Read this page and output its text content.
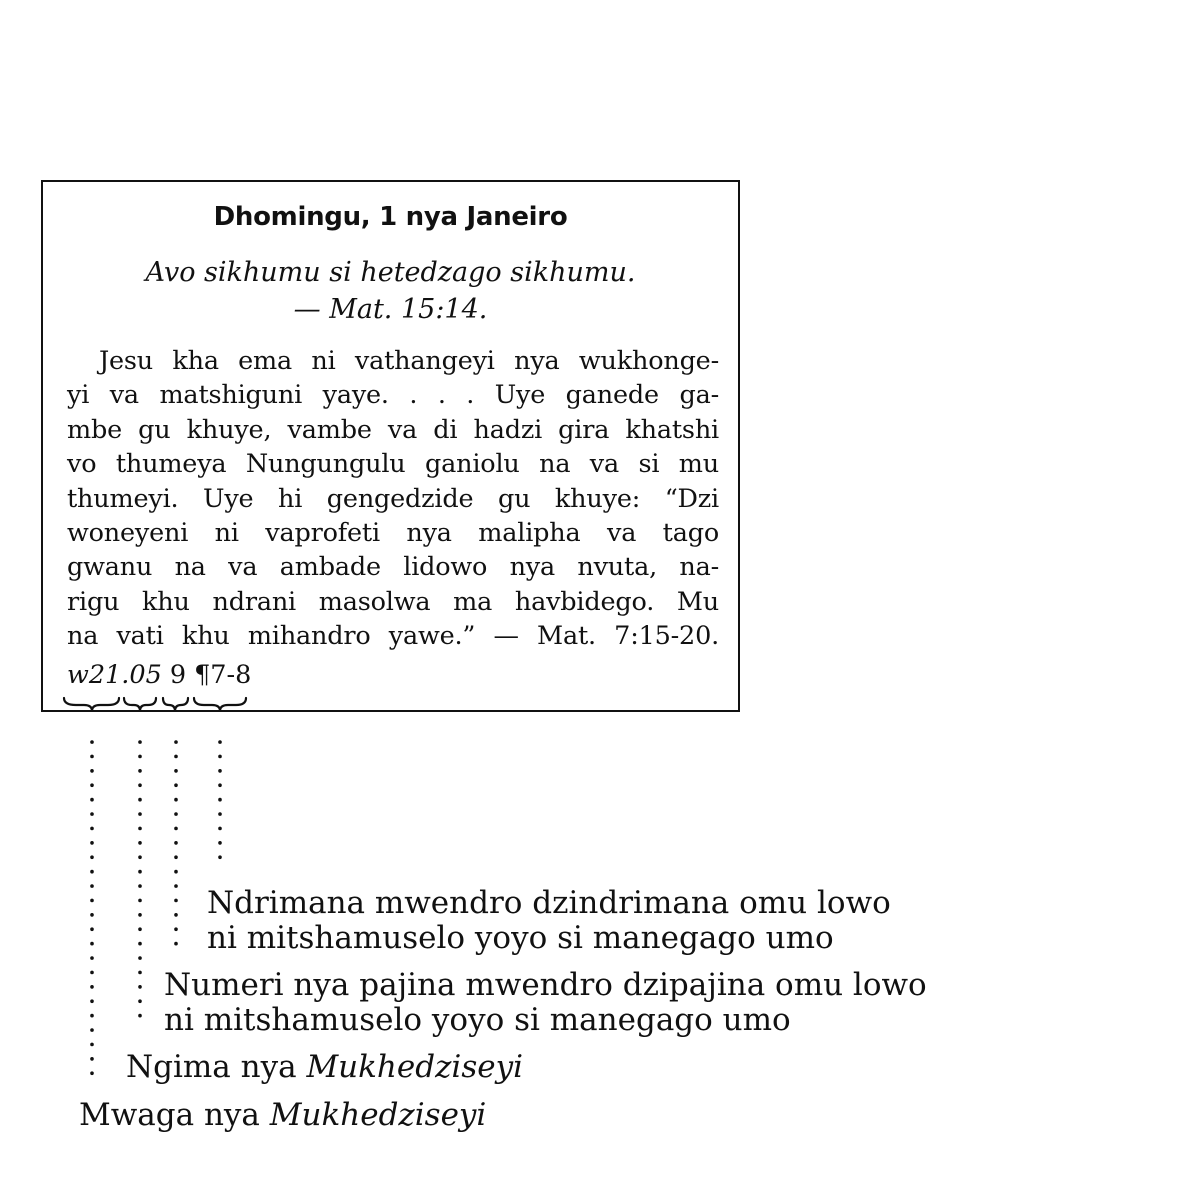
Dhomingu, 1 nya Janeiro
Avo sikhumu si hetedzago sikhumu.
— Mat. 15:14.
Jesu kha ema ni vathangeyi nya wukhonge-
yi va matshiguni yaye. . . . Uye ganede ga-
mbe gu khuye, vambe va di hadzi gira khatshi
vo thumeya Nungungulu ganiolu na va si mu
thumeyi. Uye hi gengedzide gu khuye: “Dzi
woneyeni ni vaprofeti nya malipha va tago
gwanu na va ambade lidowo nya nvuta, na-
rigu khu ndrani masolwa ma havbidego. Mu
na vati khu mihandro yawe.” — Mat. 7:15-20.
w21.05 9 ¶7-8
Ndrimana mwendro dzindrimana omu lowo
ni mitshamuselo yoyo si manegago umo
Numeri nya pajina mwendro dzipajina omu lowo
ni mitshamuselo yoyo si manegago umo
Ngima nya Mukhedziseyi
Mwaga nya Mukhedziseyi
